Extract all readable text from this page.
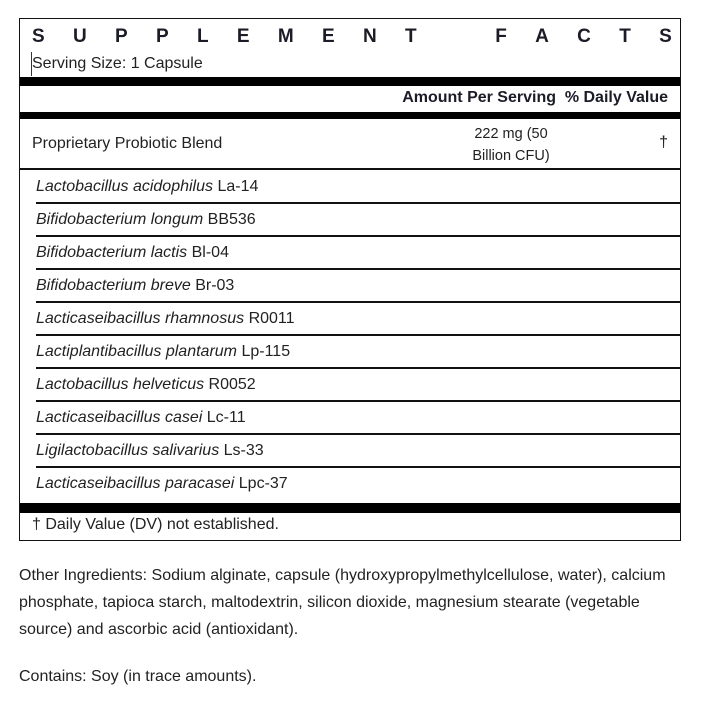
S U P P L E M E N T	F A C T S
Serving Size: 1 Capsule
Amount Per Serving % Daily Value
Proprietary Probiotic Blend
222 mg (50
Billion CFU)
†
Lactobacillus acidophilus La-14
Bifidobacterium longum BB536
Bifidobacterium lactis Bl-04
Bifidobacterium breve Br-03
Lacticaseibacillus rhamnosus R0011
Lactiplantibacillus plantarum Lp-115
Lactobacillus helveticus R0052
Lacticaseibacillus casei Lc-11
Ligilactobacillus salivarius Ls-33
Lacticaseibacillus paracasei Lpc-37
† Daily Value (DV) not established.
Other Ingredients: Sodium alginate, capsule (hydroxypropylmethylcellulose, water), calcium phosphate, tapioca starch, maltodextrin, silicon dioxide, magnesium stearate (vegetable source) and ascorbic acid (antioxidant).
Contains: Soy (in trace amounts).
